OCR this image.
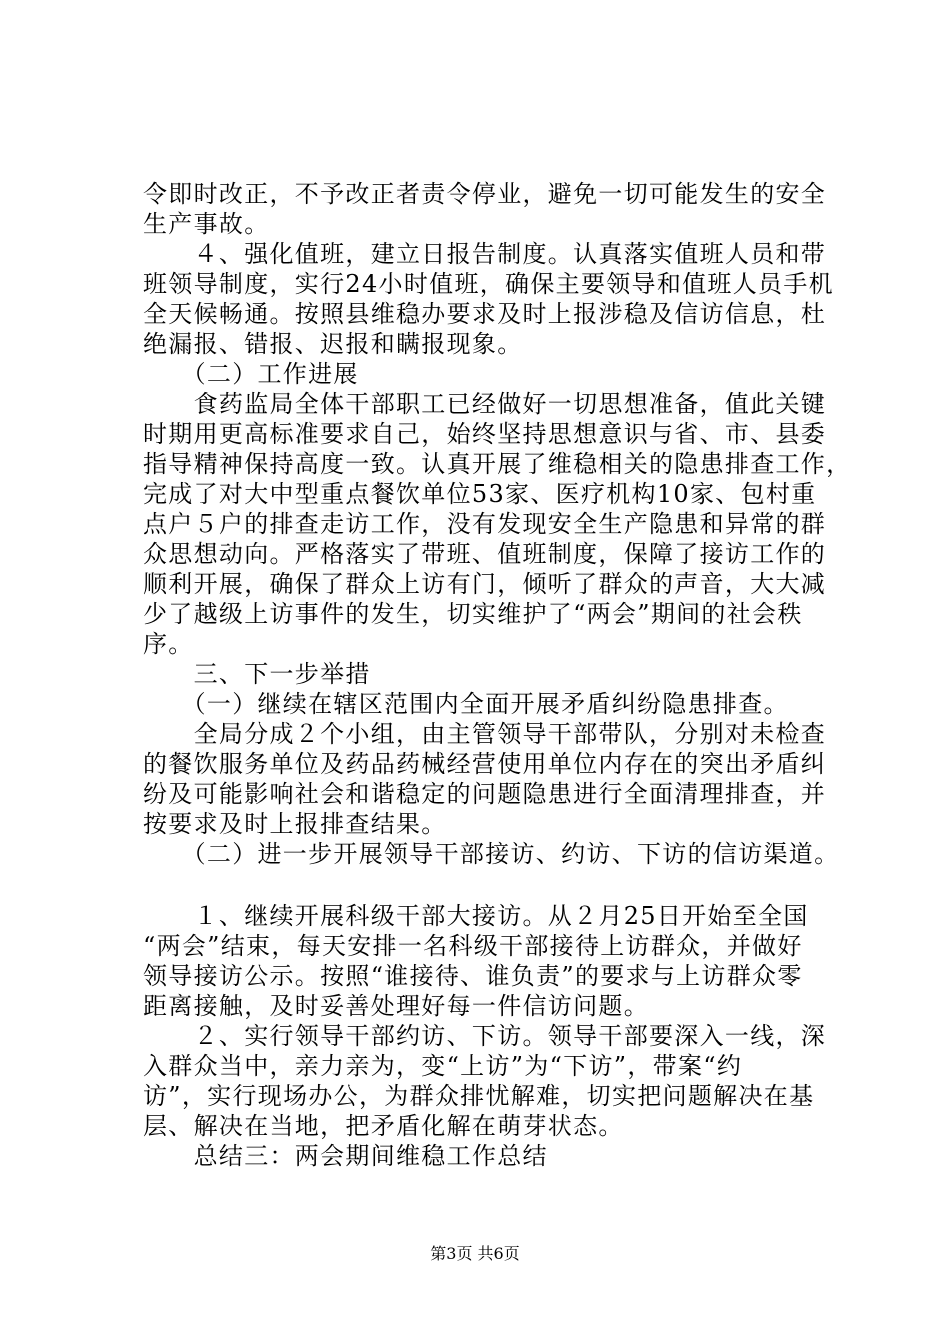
令即时改正，不予改正者责令停业，避免一切可能发生的安全
生产事故。
　　４、强化值班，建立日报告制度。认真落实值班人员和带
班领导制度，实行24小时值班，确保主要领导和值班人员手机
全天候畅通。按照县维稳办要求及时上报涉稳及信访信息，杜
绝漏报、错报、迟报和瞒报现象。
　　（二）工作进展
　　食药监局全体干部职工已经做好一切思想准备，值此关键
时期用更高标准要求自己，始终坚持思想意识与省、市、县委
指导精神保持高度一致。认真开展了维稳相关的隐患排查工作，
完成了对大中型重点餐饮单位53家、医疗机构10家、包村重
点户５户的排查走访工作，没有发现安全生产隐患和异常的群
众思想动向。严格落实了带班、值班制度，保障了接访工作的
顺利开展，确保了群众上访有门，倾听了群众的声音，大大减
少了越级上访事件的发生，切实维护了“两会”期间的社会秩
序。
　　三、下一步举措
　　（一）继续在辖区范围内全面开展矛盾纠纷隐患排查。
　　全局分成２个小组，由主管领导干部带队，分别对未检查
的餐饮服务单位及药品药械经营使用单位内存在的突出矛盾纠
纷及可能影响社会和谐稳定的问题隐患进行全面清理排查，并
按要求及时上报排查结果。
　　（二）进一步开展领导干部接访、约访、下访的信访渠道。
　　１、继续开展科级干部大接访。从２月25日开始至全国
“两会”结束，每天安排一名科级干部接待上访群众，并做好
领导接访公示。按照“谁接待、谁负责”的要求与上访群众零
距离接触，及时妥善处理好每一件信访问题。
　　２、实行领导干部约访、下访。领导干部要深入一线，深
入群众当中，亲力亲为，变“上访”为“下访”，带案“约
访”，实行现场办公，为群众排忧解难，切实把问题解决在基
层、解决在当地，把矛盾化解在萌芽状态。
　　总结三：两会期间维稳工作总结
第3页 共6页
